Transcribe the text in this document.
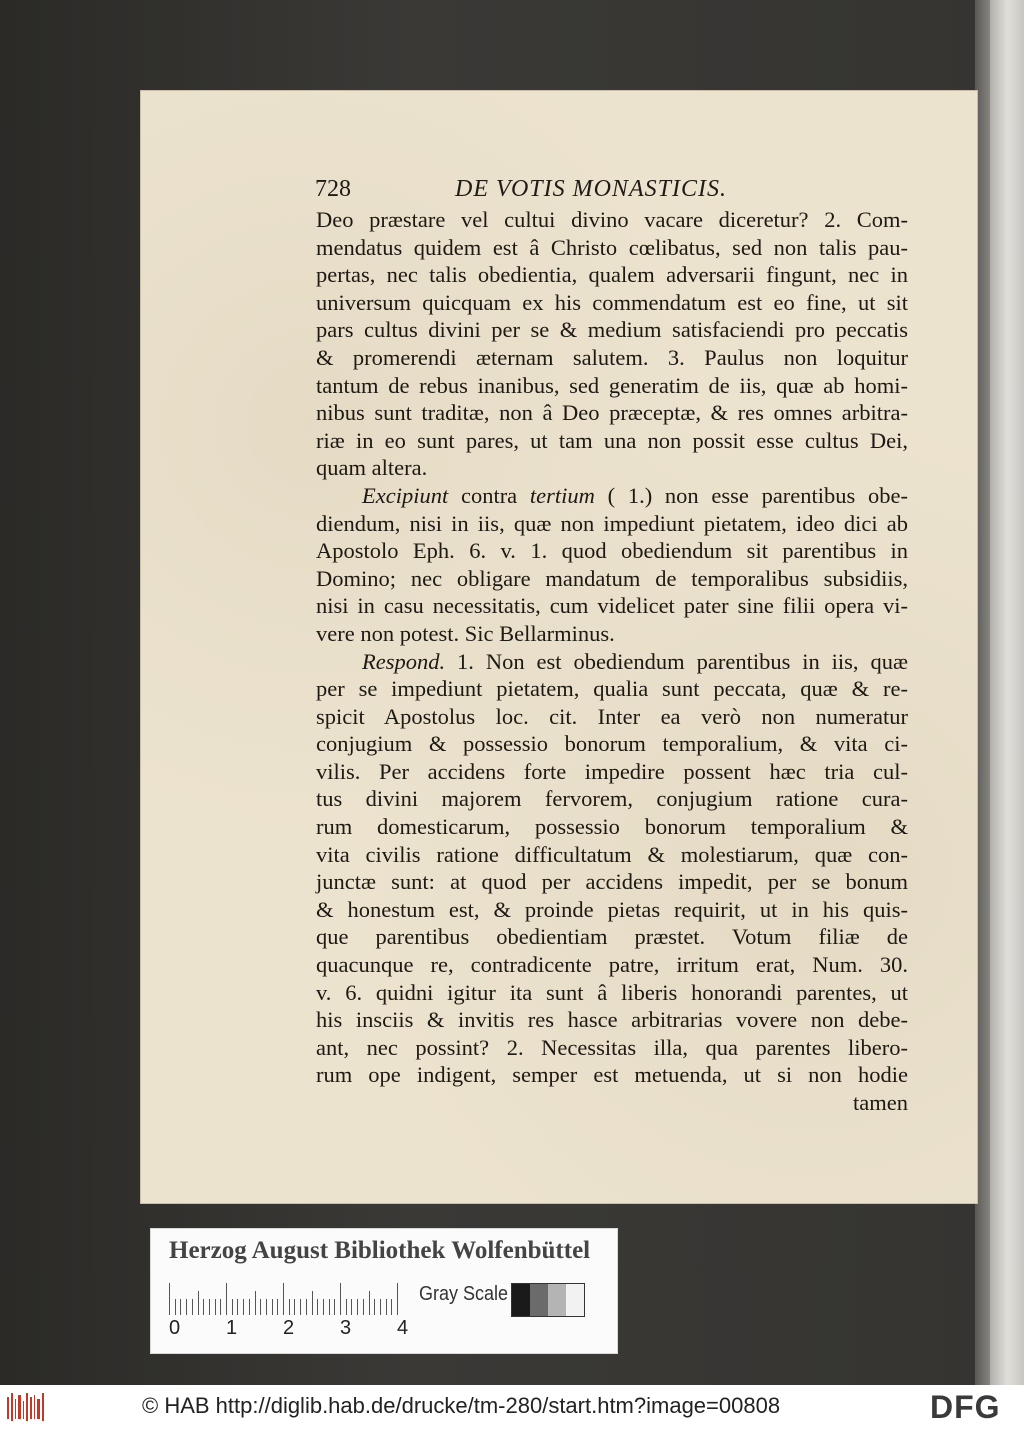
728	DE VOTIS MONASTICIS.
Deo præstare vel cultui divino vacare diceretur? 2. Com-
mendatus quidem est â Christo cœlibatus, sed non talis pau-
pertas, nec talis obedientia, qualem adversarii fingunt, nec in
universum quicquam ex his commendatum est eo fine, ut sit
pars cultus divini per se & medium satisfaciendi pro peccatis
& promerendi æternam salutem. 3. Paulus non loquitur
tantum de rebus inanibus, sed generatim de iis, quæ ab homi-
nibus sunt traditæ, non â Deo præceptæ, & res omnes arbitra-
riæ in eo sunt pares, ut tam una non possit esse cultus Dei,
quam altera.
Excipiunt contra tertium ( 1.) non esse parentibus obe-
diendum, nisi in iis, quæ non impediunt pietatem, ideo dici ab
Apostolo Eph. 6. v. 1. quod obediendum sit parentibus in
Domino; nec obligare mandatum de temporalibus subsidiis,
nisi in casu necessitatis, cum videlicet pater sine filii opera vi-
vere non potest. Sic Bellarminus.
Respond. 1. Non est obediendum parentibus in iis, quæ
per se impediunt pietatem, qualia sunt peccata, quæ & re-
spicit Apostolus loc. cit. Inter ea verò non numeratur
conjugium & possessio bonorum temporalium, & vita ci-
vilis. Per accidens forte impedire possent hæc tria cul-
tus divini majorem fervorem, conjugium ratione cura-
rum domesticarum, possessio bonorum temporalium &
vita civilis ratione difficultatum & molestiarum, quæ con-
junctæ sunt: at quod per accidens impedit, per se bonum
& honestum est, & proinde pietas requirit, ut in his quis-
que parentibus obedientiam præstet. Votum filiæ de
quacunque re, contradicente patre, irritum erat, Num. 30.
v. 6. quidni igitur ita sunt â liberis honorandi parentes, ut
his insciis & invitis res hasce arbitrarias vovere non debe-
ant, nec possint? 2. Necessitas illa, qua parentes libero-
rum ope indigent, semper est metuenda, ut si non hodie
tamen
Herzog August Bibliothek Wolfenbüttel
0 1 2 3 4
Gray Scale
© HAB http://diglib.hab.de/drucke/tm-280/start.htm?image=00808	DFG
